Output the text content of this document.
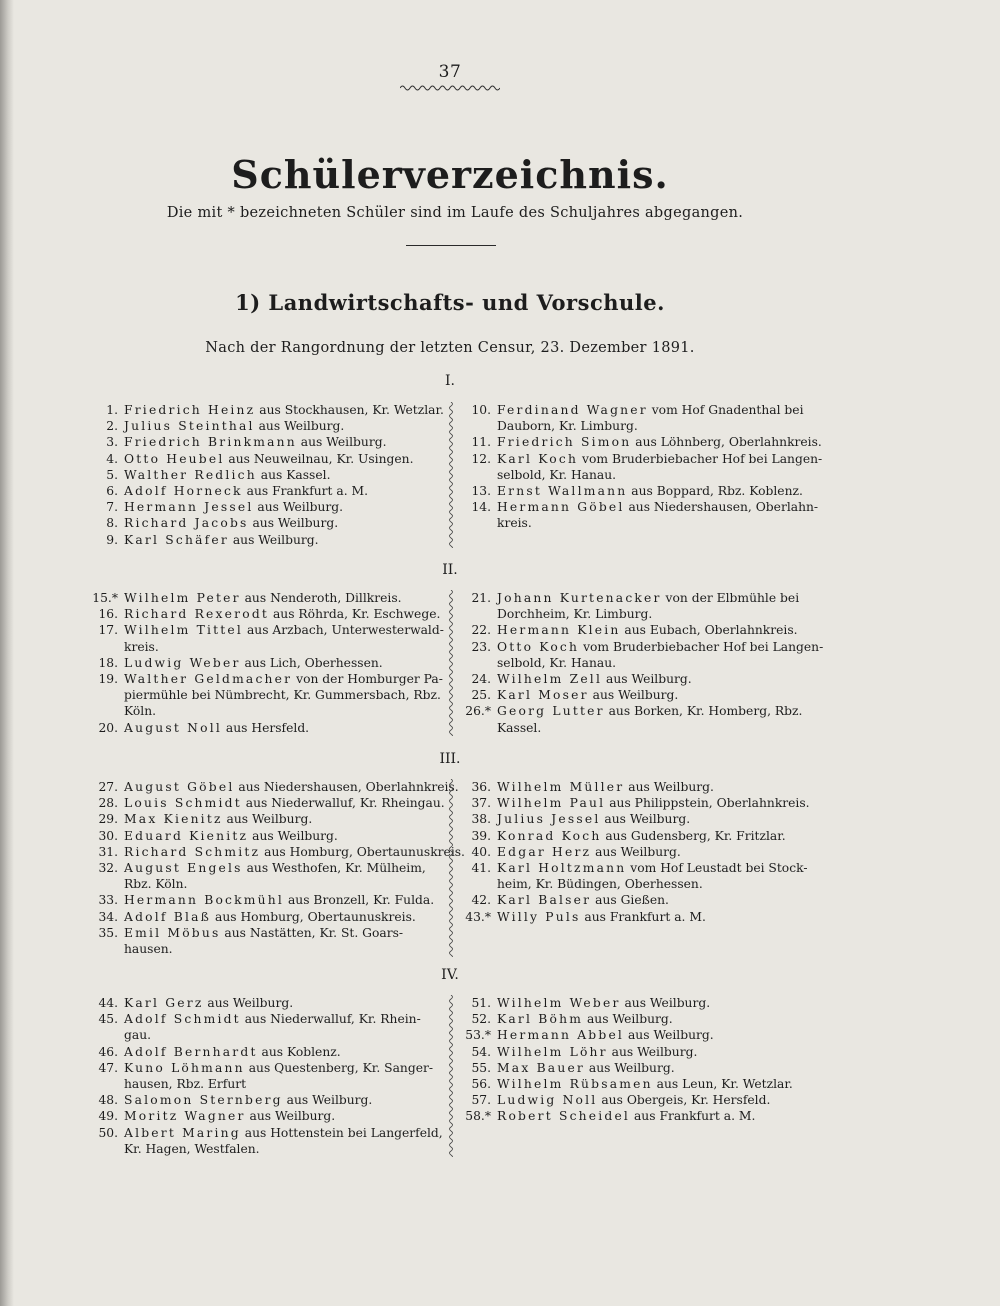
37
Schülerverzeichnis.
Die mit * bezeichneten Schüler sind im Laufe des Schuljahres abgegangen.
1) Landwirtschafts- und Vorschule.
Nach der Rangordnung der letzten Censur, 23. Dezember 1891.
I.
1. Friedrich Heinz aus Stockhausen, Kr. Wetzlar.
2. Julius Steinthal aus Weilburg.
3. Friedrich Brinkmann aus Weilburg.
4. Otto Heubel aus Neuweilnau, Kr. Usingen.
5. Walther Redlich aus Kassel.
6. Adolf Horneck aus Frankfurt a. M.
7. Hermann Jessel aus Weilburg.
8. Richard Jacobs aus Weilburg.
9. Karl Schäfer aus Weilburg.
10. Ferdinand Wagner vom Hof Gnadenthal bei
Dauborn, Kr. Limburg.
11. Friedrich Simon aus Löhnberg, Oberlahnkreis.
12. Karl Koch vom Bruderbiebacher Hof bei Langen-
selbold, Kr. Hanau.
13. Ernst Wallmann aus Boppard, Rbz. Koblenz.
14. Hermann Göbel aus Niedershausen, Oberlahn-
kreis.
II.
15.* Wilhelm Peter aus Nenderoth, Dillkreis.
16. Richard Rexerodt aus Röhrda, Kr. Eschwege.
17. Wilhelm Tittel aus Arzbach, Unterwesterwald-
kreis.
18. Ludwig Weber aus Lich, Oberhessen.
19. Walther Geldmacher von der Homburger Pa-
piermühle bei Nümbrecht, Kr. Gummersbach, Rbz.
Köln.
20. August Noll aus Hersfeld.
21. Johann Kurtenacker von der Elbmühle bei
Dorchheim, Kr. Limburg.
22. Hermann Klein aus Eubach, Oberlahnkreis.
23. Otto Koch vom Bruderbiebacher Hof bei Langen-
selbold, Kr. Hanau.
24. Wilhelm Zell aus Weilburg.
25. Karl Moser aus Weilburg.
26.* Georg Lutter aus Borken, Kr. Homberg, Rbz.
Kassel.
III.
27. August Göbel aus Niedershausen, Oberlahnkreis.
28. Louis Schmidt aus Niederwalluf, Kr. Rheingau.
29. Max Kienitz aus Weilburg.
30. Eduard Kienitz aus Weilburg.
31. Richard Schmitz aus Homburg, Obertaunuskreis.
32. August Engels aus Westhofen, Kr. Mülheim,
Rbz. Köln.
33. Hermann Bockmühl aus Bronzell, Kr. Fulda.
34. Adolf Blaß aus Homburg, Obertaunuskreis.
35. Emil Möbus aus Nastätten, Kr. St. Goars-
hausen.
36. Wilhelm Müller aus Weilburg.
37. Wilhelm Paul aus Philippstein, Oberlahnkreis.
38. Julius Jessel aus Weilburg.
39. Konrad Koch aus Gudensberg, Kr. Fritzlar.
40. Edgar Herz aus Weilburg.
41. Karl Holtzmann vom Hof Leustadt bei Stock-
heim, Kr. Büdingen, Oberhessen.
42. Karl Balser aus Gießen.
43.* Willy Puls aus Frankfurt a. M.
IV.
44. Karl Gerz aus Weilburg.
45. Adolf Schmidt aus Niederwalluf, Kr. Rhein-
gau.
46. Adolf Bernhardt aus Koblenz.
47. Kuno Löhmann aus Questenberg, Kr. Sanger-
hausen, Rbz. Erfurt
48. Salomon Sternberg aus Weilburg.
49. Moritz Wagner aus Weilburg.
50. Albert Maring aus Hottenstein bei Langerfeld,
Kr. Hagen, Westfalen.
51. Wilhelm Weber aus Weilburg.
52. Karl Böhm aus Weilburg.
53.* Hermann Abbel aus Weilburg.
54. Wilhelm Löhr aus Weilburg.
55. Max Bauer aus Weilburg.
56. Wilhelm Rübsamen aus Leun, Kr. Wetzlar.
57. Ludwig Noll aus Obergeis, Kr. Hersfeld.
58.* Robert Scheidel aus Frankfurt a. M.
